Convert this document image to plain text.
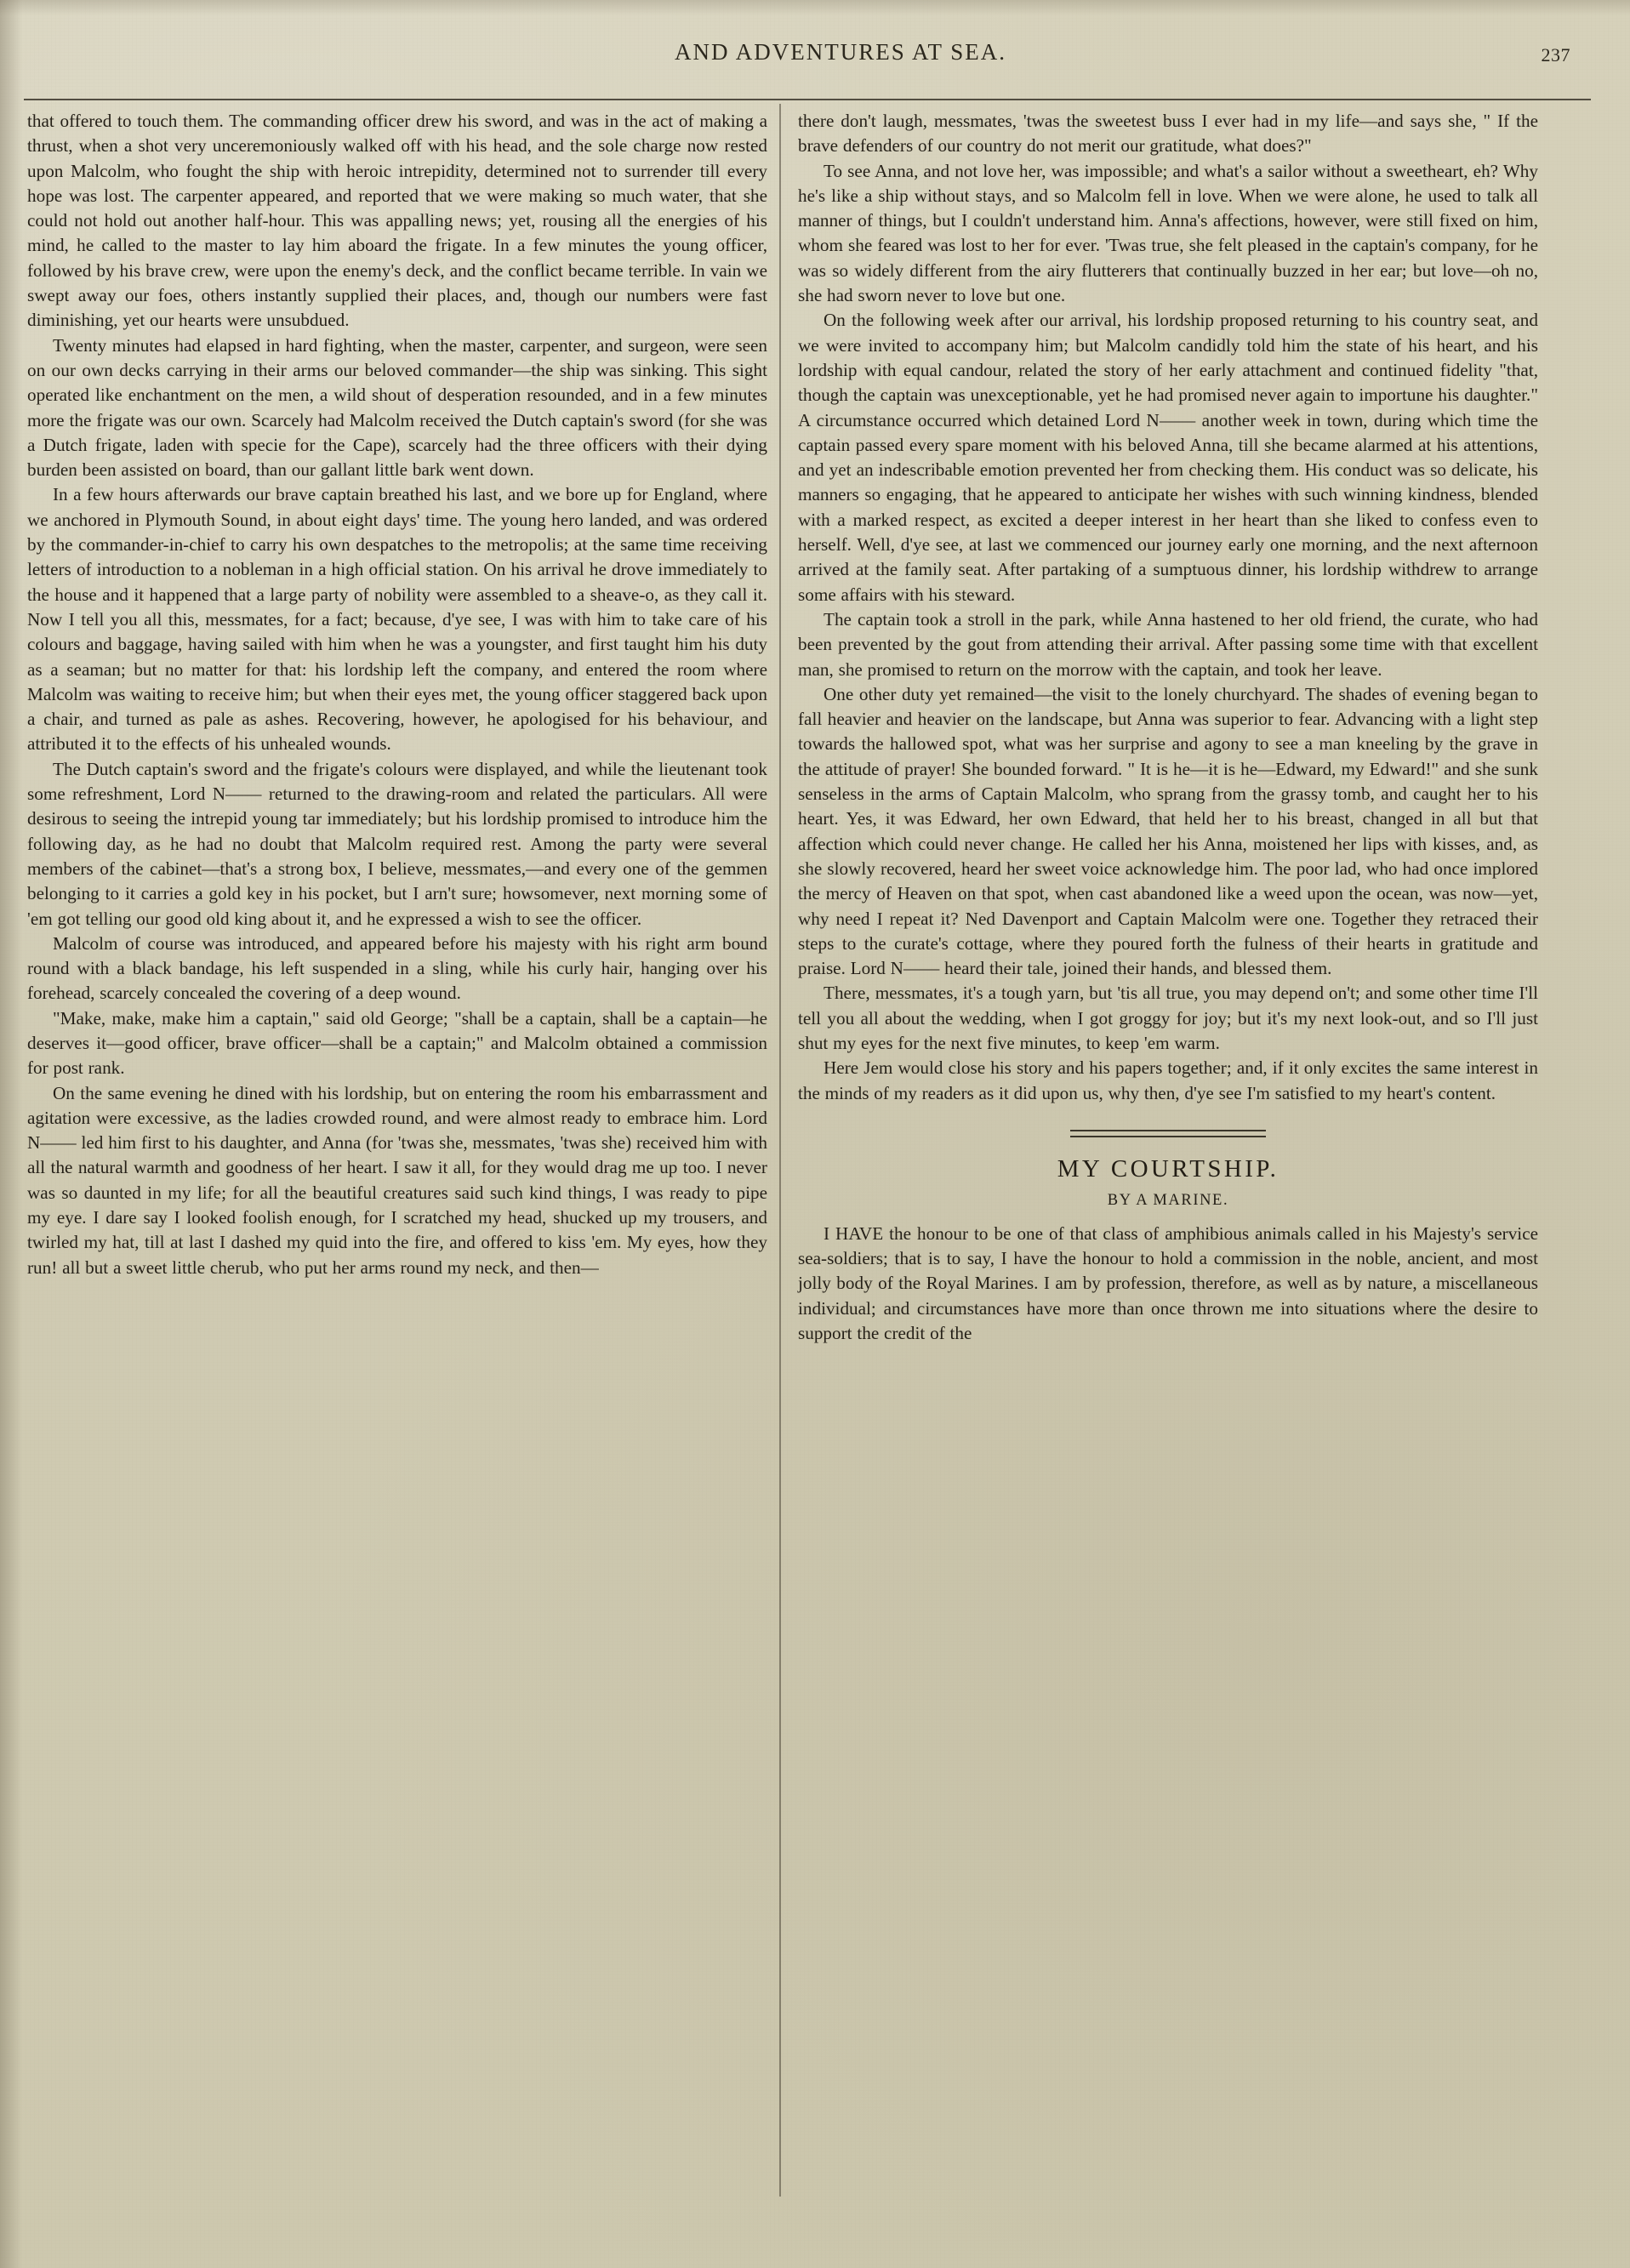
AND ADVENTURES AT SEA.	237

that offered to touch them. The commanding officer drew his sword, and was in the act of making a thrust, when a shot very unceremoniously walked off with his head, and the sole charge now rested upon Malcolm, who fought the ship with heroic intrepidity, determined not to surrender till every hope was lost. The carpenter appeared, and reported that we were making so much water, that she could not hold out another half-hour. This was appalling news; yet, rousing all the energies of his mind, he called to the master to lay him aboard the frigate. In a few minutes the young officer, followed by his brave crew, were upon the enemy's deck, and the conflict became terrible. In vain we swept away our foes, others instantly supplied their places, and, though our numbers were fast diminishing, yet our hearts were unsubdued.

Twenty minutes had elapsed in hard fighting, when the master, carpenter, and surgeon, were seen on our own decks carrying in their arms our beloved commander—the ship was sinking. This sight operated like enchantment on the men, a wild shout of desperation resounded, and in a few minutes more the frigate was our own. Scarcely had Malcolm received the Dutch captain's sword (for she was a Dutch frigate, laden with specie for the Cape), scarcely had the three officers with their dying burden been assisted on board, than our gallant little bark went down.

In a few hours afterwards our brave captain breathed his last, and we bore up for England, where we anchored in Plymouth Sound, in about eight days' time. The young hero landed, and was ordered by the commander-in-chief to carry his own despatches to the metropolis; at the same time receiving letters of introduction to a nobleman in a high official station. On his arrival he drove immediately to the house and it happened that a large party of nobility were assembled to a sheave-o, as they call it. Now I tell you all this, messmates, for a fact; because, d'ye see, I was with him to take care of his colours and baggage, having sailed with him when he was a youngster, and first taught him his duty as a seaman; but no matter for that: his lordship left the company, and entered the room where Malcolm was waiting to receive him; but when their eyes met, the young officer staggered back upon a chair, and turned as pale as ashes. Recovering, however, he apologised for his behaviour, and attributed it to the effects of his unhealed wounds.

The Dutch captain's sword and the frigate's colours were displayed, and while the lieutenant took some refreshment, Lord N—— returned to the drawing-room and related the particulars. All were desirous to seeing the intrepid young tar immediately; but his lordship promised to introduce him the following day, as he had no doubt that Malcolm required rest. Among the party were several members of the cabinet—that's a strong box, I believe, messmates,—and every one of the gemmen belonging to it carries a gold key in his pocket, but I arn't sure; howsomever, next morning some of 'em got telling our good old king about it, and he expressed a wish to see the officer.

Malcolm of course was introduced, and appeared before his majesty with his right arm bound round with a black bandage, his left suspended in a sling, while his curly hair, hanging over his forehead, scarcely concealed the covering of a deep wound.

"Make, make, make him a captain," said old George; "shall be a captain, shall be a captain—he deserves it—good officer, brave officer—shall be a captain;" and Malcolm obtained a commission for post rank.

On the same evening he dined with his lordship, but on entering the room his embarrassment and agitation were excessive, as the ladies crowded round, and were almost ready to embrace him. Lord N—— led him first to his daughter, and Anna (for 'twas she, messmates, 'twas she) received him with all the natural warmth and goodness of her heart. I saw it all, for they would drag me up too. I never was so daunted in my life; for all the beautiful creatures said such kind things, I was ready to pipe my eye. I dare say I looked foolish enough, for I scratched my head, shucked up my trousers, and twirled my hat, till at last I dashed my quid into the fire, and offered to kiss 'em. My eyes, how they run! all but a sweet little cherub, who put her arms round my neck, and then—

there don't laugh, messmates, 'twas the sweetest buss I ever had in my life—and says she, " If the brave defenders of our country do not merit our gratitude, what does?"

To see Anna, and not love her, was impossible; and what's a sailor without a sweetheart, eh? Why he's like a ship without stays, and so Malcolm fell in love. When we were alone, he used to talk all manner of things, but I couldn't understand him. Anna's affections, however, were still fixed on him, whom she feared was lost to her for ever. 'Twas true, she felt pleased in the captain's company, for he was so widely different from the airy flutterers that continually buzzed in her ear; but love—oh no, she had sworn never to love but one.

On the following week after our arrival, his lordship proposed returning to his country seat, and we were invited to accompany him; but Malcolm candidly told him the state of his heart, and his lordship with equal candour, related the story of her early attachment and continued fidelity "that, though the captain was unexceptionable, yet he had promised never again to importune his daughter." A circumstance occurred which detained Lord N—— another week in town, during which time the captain passed every spare moment with his beloved Anna, till she became alarmed at his attentions, and yet an indescribable emotion prevented her from checking them. His conduct was so delicate, his manners so engaging, that he appeared to anticipate her wishes with such winning kindness, blended with a marked respect, as excited a deeper interest in her heart than she liked to confess even to herself. Well, d'ye see, at last we commenced our journey early one morning, and the next afternoon arrived at the family seat. After partaking of a sumptuous dinner, his lordship withdrew to arrange some affairs with his steward.

The captain took a stroll in the park, while Anna hastened to her old friend, the curate, who had been prevented by the gout from attending their arrival. After passing some time with that excellent man, she promised to return on the morrow with the captain, and took her leave.

One other duty yet remained—the visit to the lonely churchyard. The shades of evening began to fall heavier and heavier on the landscape, but Anna was superior to fear. Advancing with a light step towards the hallowed spot, what was her surprise and agony to see a man kneeling by the grave in the attitude of prayer! She bounded forward. " It is he—it is he—Edward, my Edward!" and she sunk senseless in the arms of Captain Malcolm, who sprang from the grassy tomb, and caught her to his heart. Yes, it was Edward, her own Edward, that held her to his breast, changed in all but that affection which could never change. He called her his Anna, moistened her lips with kisses, and, as she slowly recovered, heard her sweet voice acknowledge him. The poor lad, who had once implored the mercy of Heaven on that spot, when cast abandoned like a weed upon the ocean, was now—yet, why need I repeat it? Ned Davenport and Captain Malcolm were one. Together they retraced their steps to the curate's cottage, where they poured forth the fulness of their hearts in gratitude and praise. Lord N—— heard their tale, joined their hands, and blessed them.

There, messmates, it's a tough yarn, but 'tis all true, you may depend on't; and some other time I'll tell you all about the wedding, when I got groggy for joy; but it's my next look-out, and so I'll just shut my eyes for the next five minutes, to keep 'em warm.

Here Jem would close his story and his papers together; and, if it only excites the same interest in the minds of my readers as it did upon us, why then, d'ye see I'm satisfied to my heart's content.

MY COURTSHIP.
BY A MARINE.

I HAVE the honour to be one of that class of amphibious animals called in his Majesty's service sea-soldiers; that is to say, I have the honour to hold a commission in the noble, ancient, and most jolly body of the Royal Marines. I am by profession, therefore, as well as by nature, a miscellaneous individual; and circumstances have more than once thrown me into situations where the desire to support the credit of the
